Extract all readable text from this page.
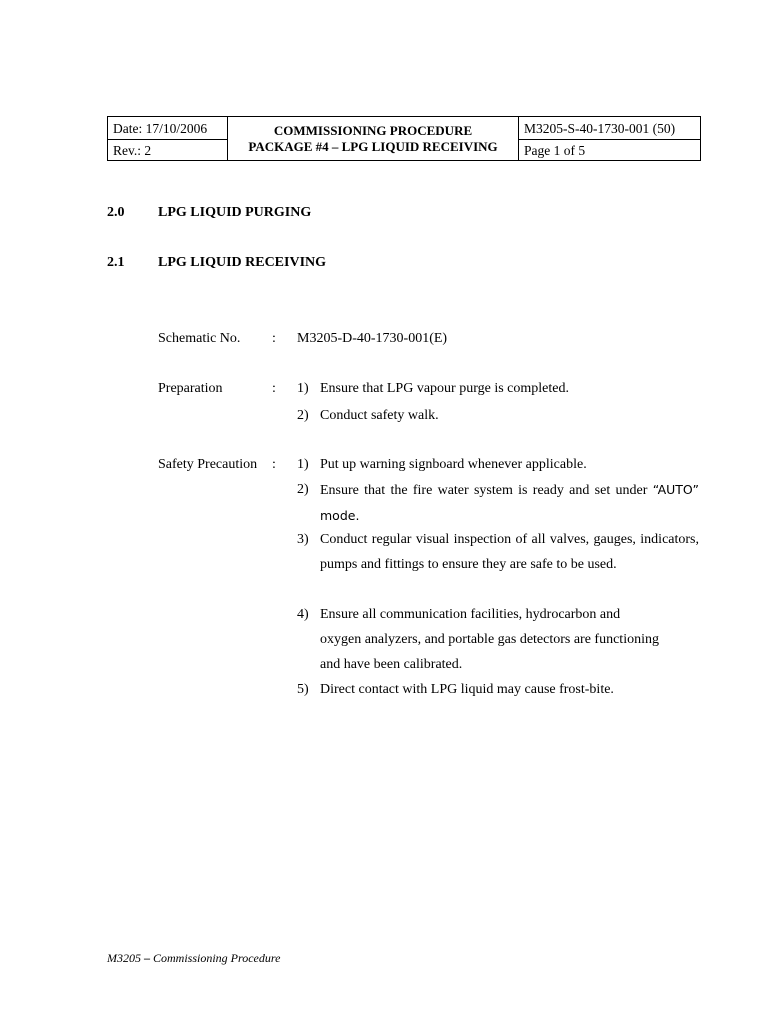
Date: 17/10/2006
Rev.: 2
COMMISSIONING PROCEDURE
PACKAGE #4 – LPG LIQUID RECEIVING
M3205-S-40-1730-001 (50)
Page 1 of 5
2.0 LPG LIQUID PURGING
2.1 LPG LIQUID RECEIVING
Schematic No. : M3205-D-40-1730-001(E)
Preparation	: 1) Ensure that LPG vapour purge is completed.
2) Conduct safety walk.
Safety Precaution : 1) Put up warning signboard whenever applicable.
2) Ensure that the fire water system is ready and set under “AUTO” mode.
3) Conduct regular visual inspection of all valves, gauges, indicators, pumps and fittings to ensure they are safe to be used.
4) Ensure all communication facilities, hydrocarbon and
oxygen analyzers, and portable gas detectors are functioning
and have been calibrated.
5) Direct contact with LPG liquid may cause frost-bite.
M3205 – Commissioning Procedure
